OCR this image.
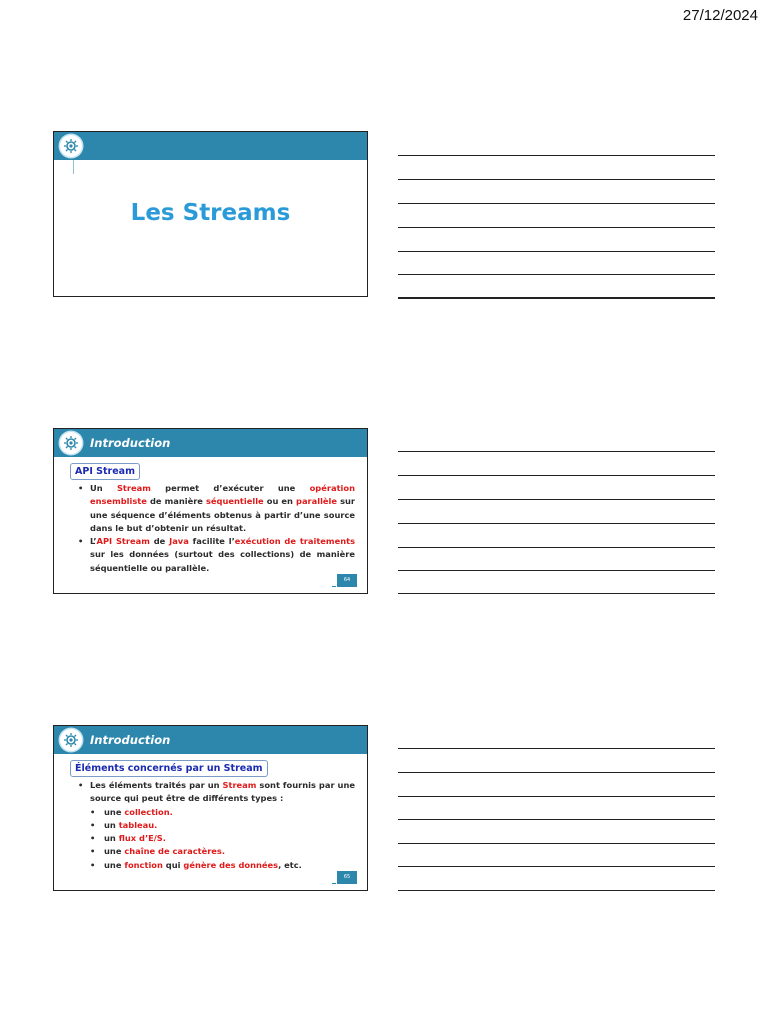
27/12/2024
Les Streams
Introduction
API Stream
• Un Stream permet d’exécuter une opération ensembliste de manière séquentielle ou en parallèle sur une séquence d’éléments obtenus à partir d’une source dans le but d’obtenir un résultat.
• L’API Stream de Java facilite l’exécution de traitements sur les données (surtout des collections) de manière séquentielle ou parallèle.
64
Introduction
Éléments concernés par un Stream
• Les éléments traités par un Stream sont fournis par une source qui peut être de différents types :
• une collection.
• un tableau.
• un flux d’E/S.
• une chaîne de caractères.
• une fonction qui génère des données, etc.
65
